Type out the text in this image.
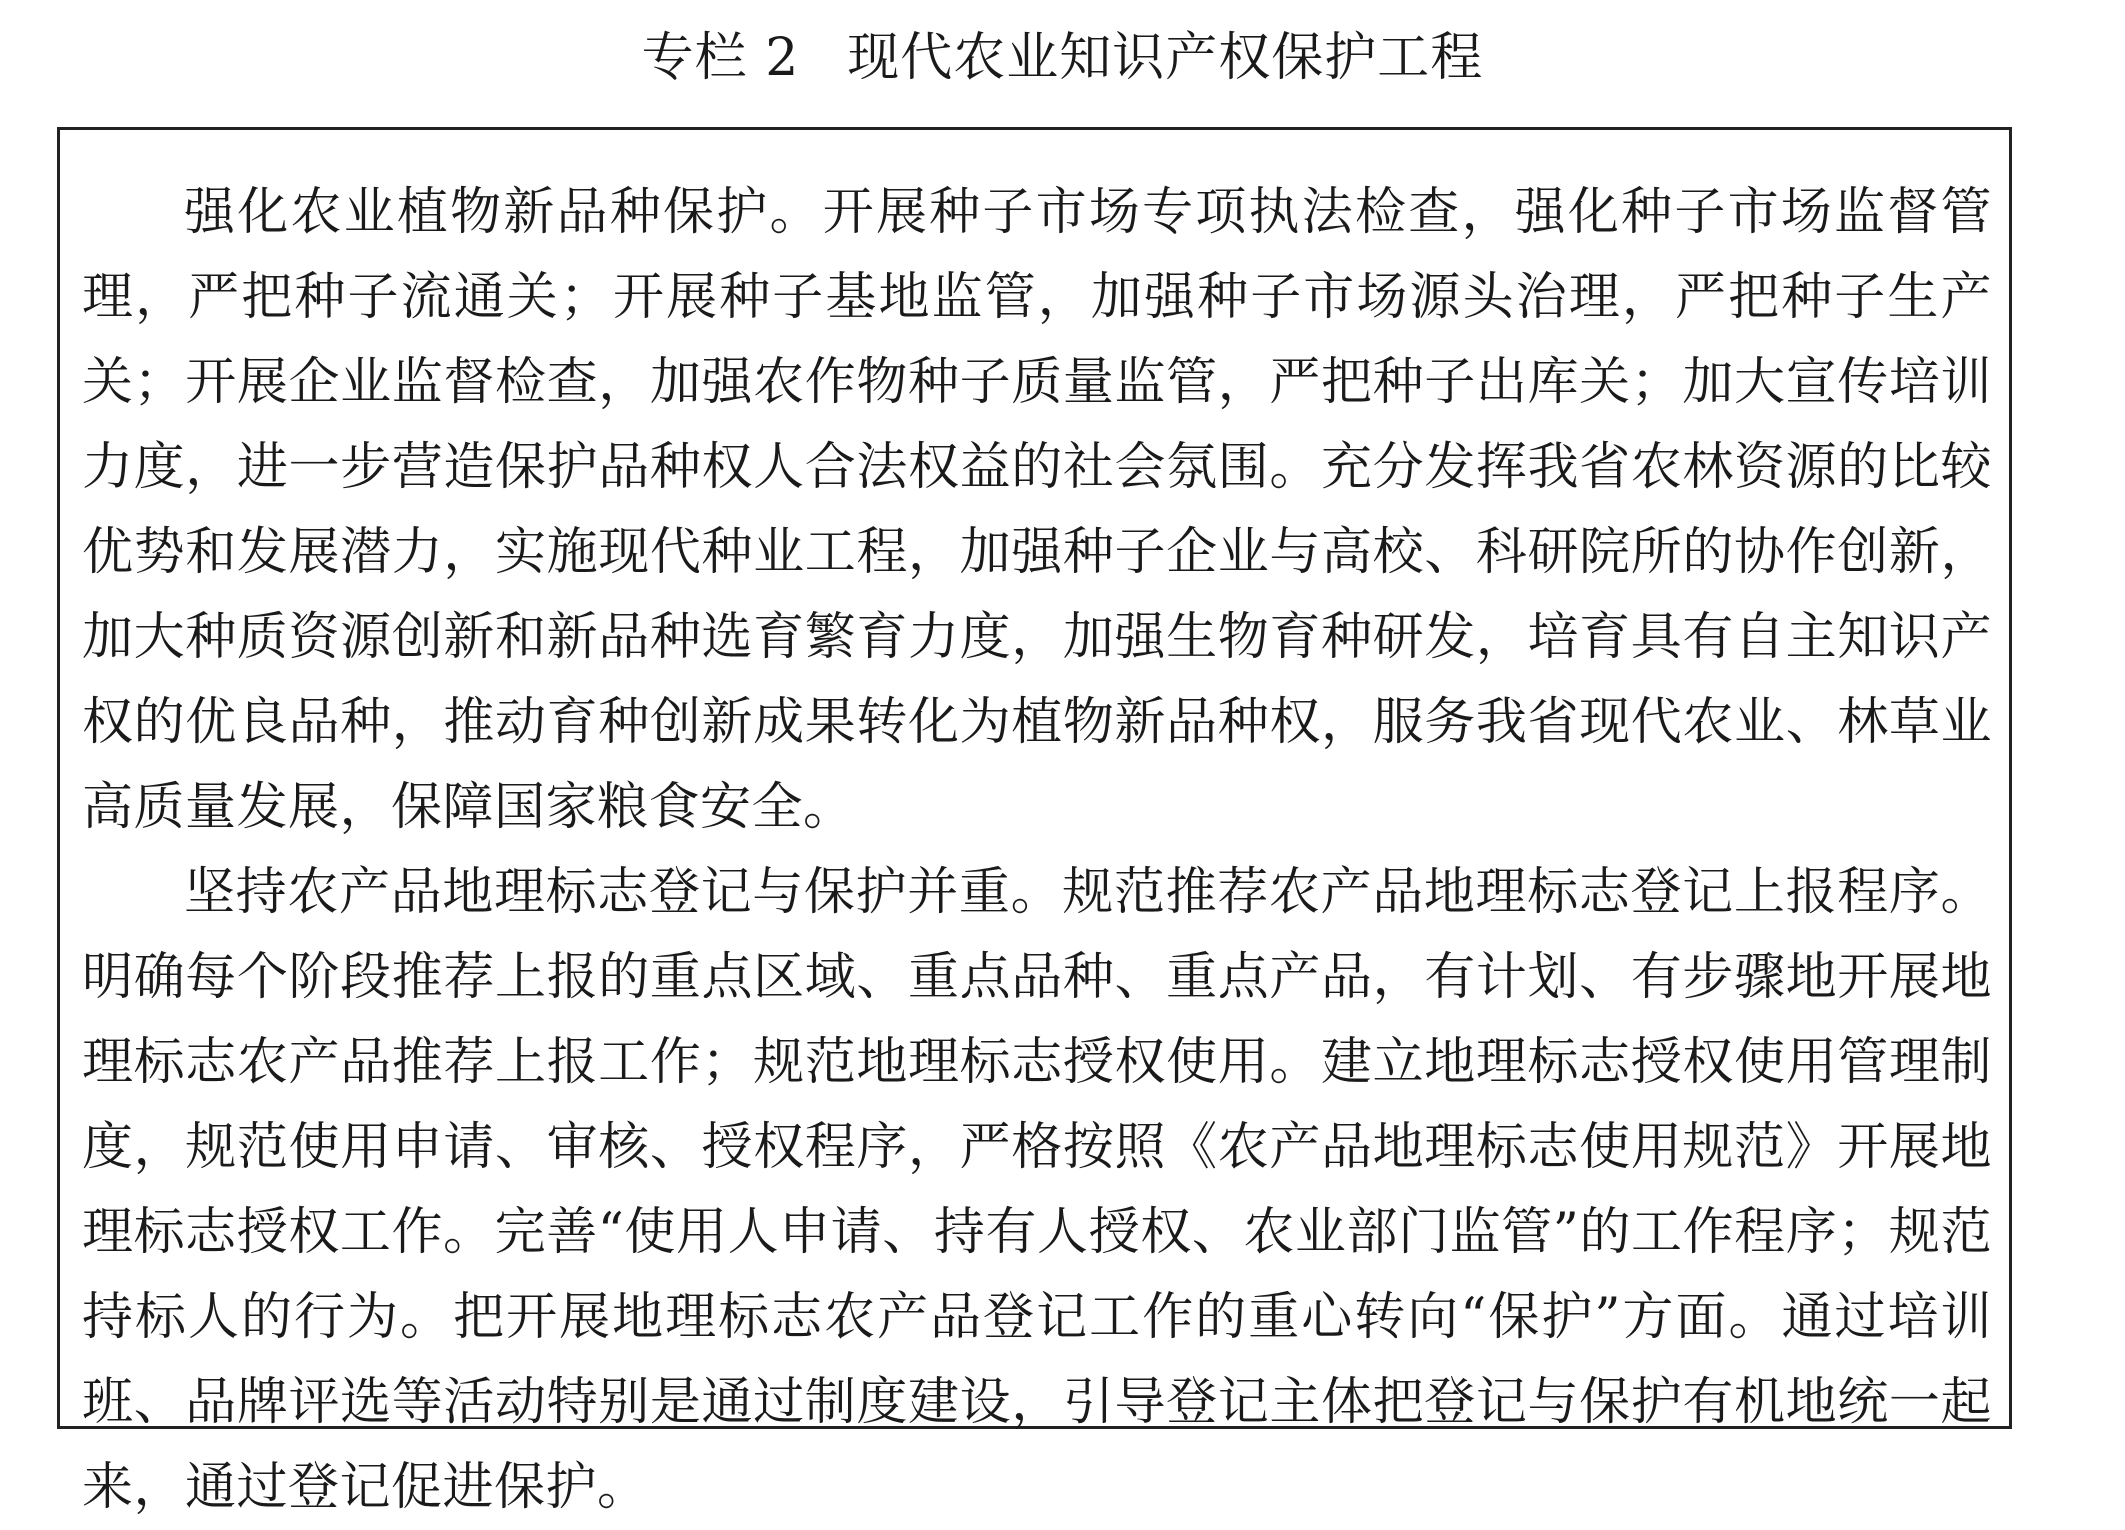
专栏 2 现代农业知识产权保护工程

强化农业植物新品种保护。开展种子市场专项执法检查，强化种子市场监督管理，严把种子流通关；开展种子基地监管，加强种子市场源头治理，严把种子生产关；开展企业监督检查，加强农作物种子质量监管，严把种子出库关；加大宣传培训力度，进一步营造保护品种权人合法权益的社会氛围。充分发挥我省农林资源的比较优势和发展潜力，实施现代种业工程，加强种子企业与高校、科研院所的协作创新，加大种质资源创新和新品种选育繁育力度，加强生物育种研发，培育具有自主知识产权的优良品种，推动育种创新成果转化为植物新品种权，服务我省现代农业、林草业高质量发展，保障国家粮食安全。

坚持农产品地理标志登记与保护并重。规范推荐农产品地理标志登记上报程序。明确每个阶段推荐上报的重点区域、重点品种、重点产品，有计划、有步骤地开展地理标志农产品推荐上报工作；规范地理标志授权使用。建立地理标志授权使用管理制度，规范使用申请、审核、授权程序，严格按照《农产品地理标志使用规范》开展地理标志授权工作。完善“使用人申请、持有人授权、农业部门监管”的工作程序；规范持标人的行为。把开展地理标志农产品登记工作的重心转向“保护”方面。通过培训班、品牌评选等活动特别是通过制度建设，引导登记主体把登记与保护有机地统一起来，通过登记促进保护。
